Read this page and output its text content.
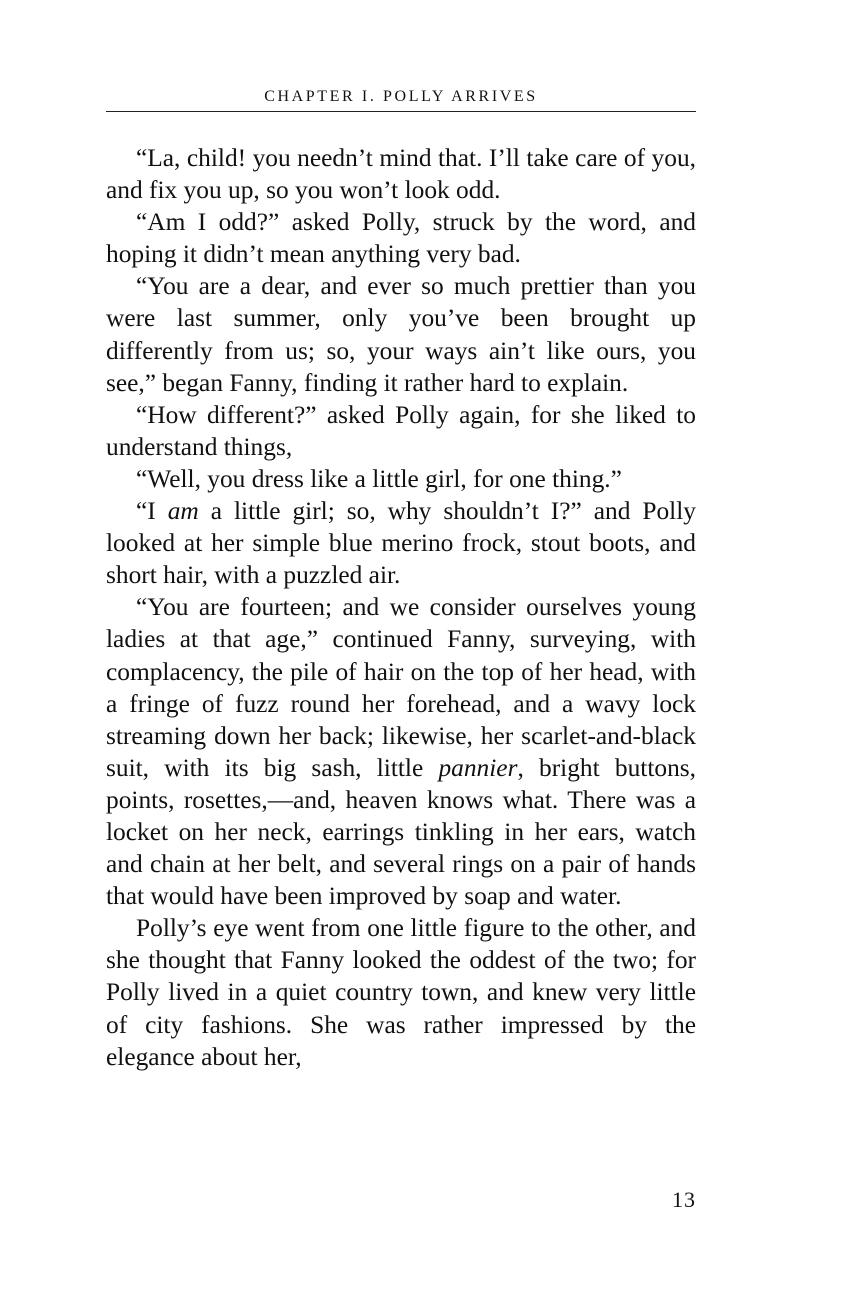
CHAPTER I. POLLY ARRIVES

“La, child! you needn’t mind that. I’ll take care of you, and fix you up, so you won’t look odd.

“Am I odd?” asked Polly, struck by the word, and hoping it didn’t mean anything very bad.

“You are a dear, and ever so much prettier than you were last summer, only you’ve been brought up differently from us; so, your ways ain’t like ours, you see,” began Fanny, finding it rather hard to explain.

“How different?” asked Polly again, for she liked to understand things,

“Well, you dress like a little girl, for one thing.”

“I am a little girl; so, why shouldn’t I?” and Polly looked at her simple blue merino frock, stout boots, and short hair, with a puzzled air.

“You are fourteen; and we consider ourselves young ladies at that age,” continued Fanny, surveying, with complacency, the pile of hair on the top of her head, with a fringe of fuzz round her forehead, and a wavy lock streaming down her back; likewise, her scarlet-and-black suit, with its big sash, little pannier, bright buttons, points, rosettes,—and, heaven knows what. There was a locket on her neck, earrings tinkling in her ears, watch and chain at her belt, and several rings on a pair of hands that would have been improved by soap and water.

Polly’s eye went from one little figure to the other, and she thought that Fanny looked the oddest of the two; for Polly lived in a quiet country town, and knew very little of city fashions. She was rather impressed by the elegance about her,

13
